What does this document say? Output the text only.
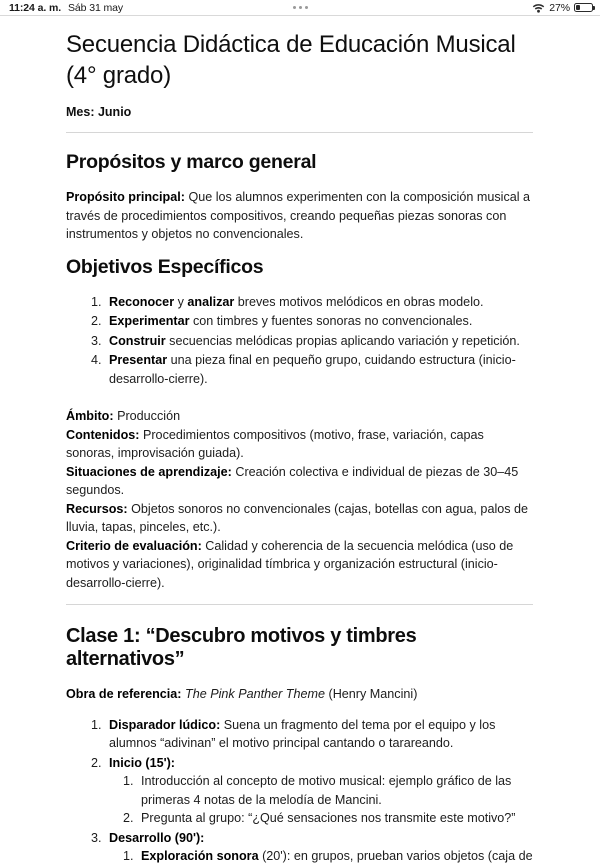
11:24 a. m. Sáb 31 may	27%
Secuencia Didáctica de Educación Musical (4° grado)
Mes: Junio
Propósitos y marco general

Propósito principal: Que los alumnos experimenten con la composición musical a través de procedimientos compositivos, creando pequeñas piezas sonoras con instrumentos y objetos no convencionales.

Objetivos Específicos
1. Reconocer y analizar breves motivos melódicos en obras modelo.
2. Experimentar con timbres y fuentes sonoras no convencionales.
3. Construir secuencias melódicas propias aplicando variación y repetición.
4. Presentar una pieza final en pequeño grupo, cuidando estructura (inicio-desarrollo-cierre).
Ámbito: Producción
Contenidos: Procedimientos compositivos (motivo, frase, variación, capas sonoras, improvisación guiada).
Situaciones de aprendizaje: Creación colectiva e individual de piezas de 30–45 segundos.
Recursos: Objetos sonoros no convencionales (cajas, botellas con agua, palos de lluvia, tapas, pinceles, etc.).
Criterio de evaluación: Calidad y coherencia de la secuencia melódica (uso de motivos y variaciones), originalidad tímbrica y organización estructural (inicio-desarrollo-cierre).
Clase 1: “Descubro motivos y timbres alternativos”

Obra de referencia: The Pink Panther Theme (Henry Mancini)

1. Disparador lúdico: Suena un fragmento del tema por el equipo y los alumnos “adivinan” el motivo principal cantando o tarareando.
2. Inicio (15'):
1. Introducción al concepto de motivo musical: ejemplo gráfico de las primeras 4 notas de la melodía de Mancini.
2. Pregunta al grupo: “¿Qué sensaciones nos transmite este motivo?”
3. Desarrollo (90'):
1. Exploración sonora (20'): en grupos, prueban varios objetos (caja de
